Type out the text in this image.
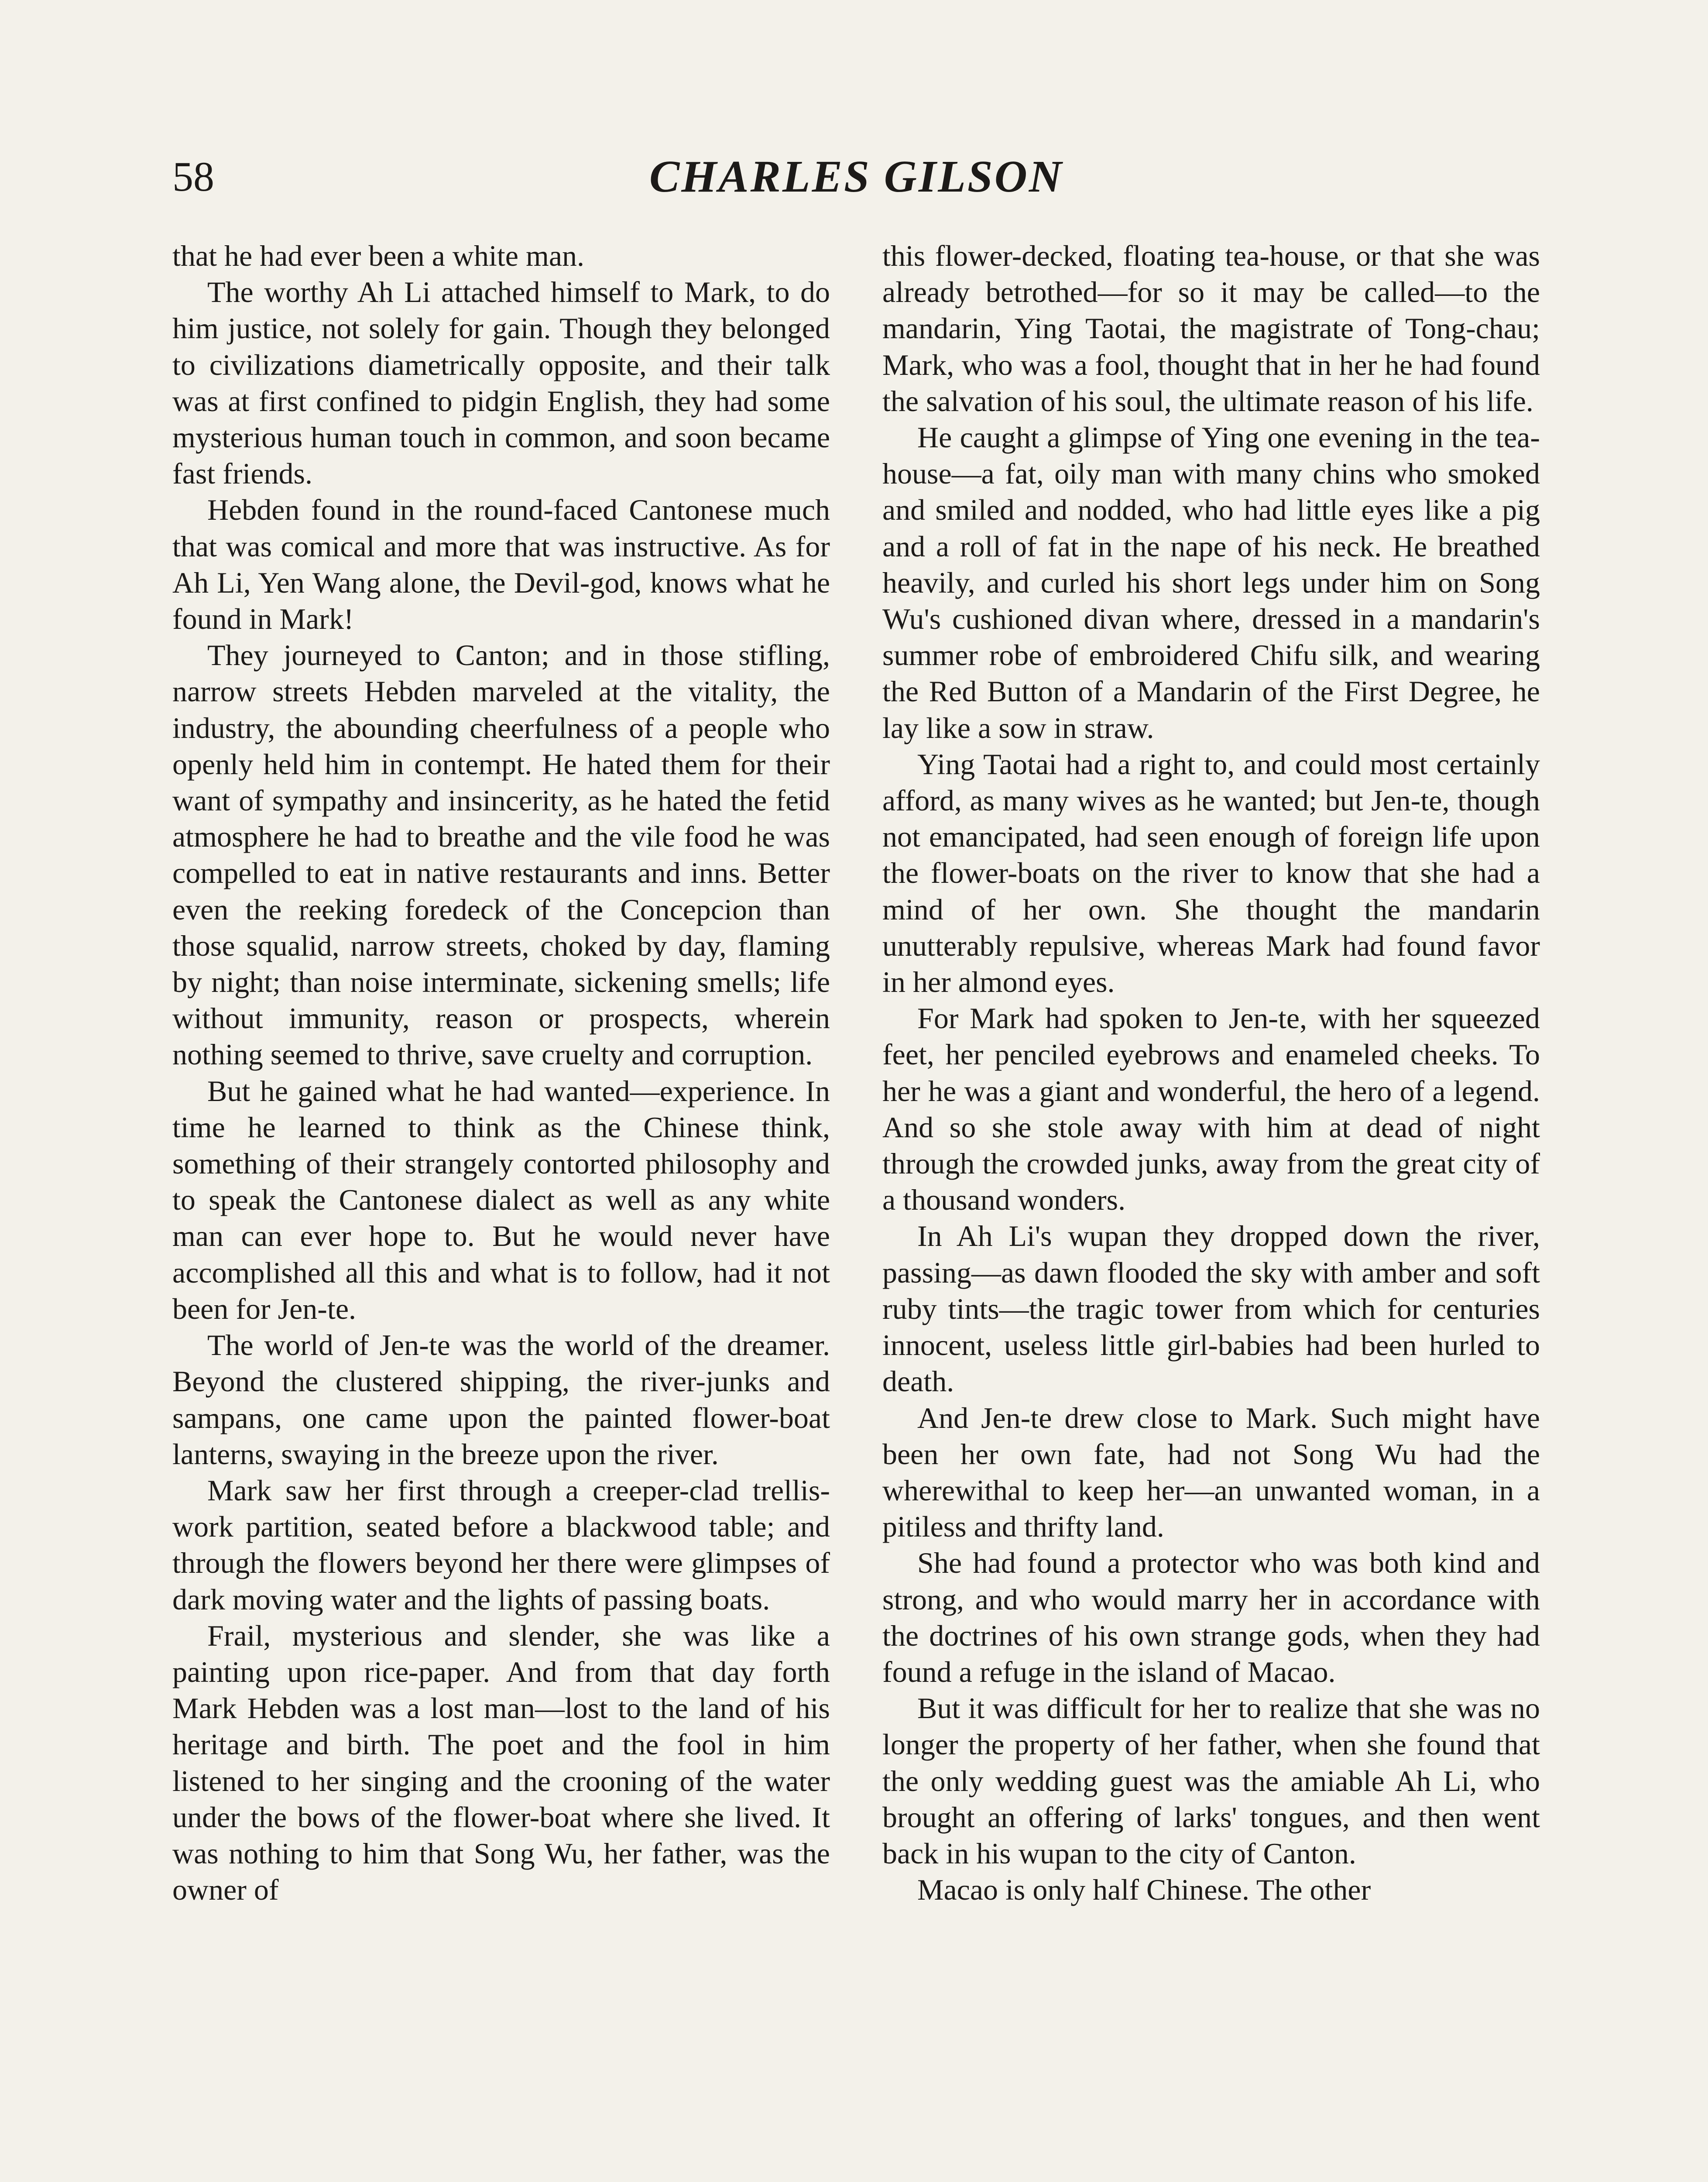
58	CHARLES GILSON

that he had ever been a white man.

The worthy Ah Li attached himself to Mark, to do him justice, not solely for gain. Though they belonged to civilizations diametrically opposite, and their talk was at first confined to pidgin English, they had some mysterious human touch in common, and soon became fast friends.

Hebden found in the round-faced Cantonese much that was comical and more that was instructive. As for Ah Li, Yen Wang alone, the Devil-god, knows what he found in Mark!

They journeyed to Canton; and in those stifling, narrow streets Hebden marveled at the vitality, the industry, the abounding cheerfulness of a people who openly held him in contempt. He hated them for their want of sympathy and insincerity, as he hated the fetid atmosphere he had to breathe and the vile food he was compelled to eat in native restaurants and inns. Better even the reeking foredeck of the Concepcion than those squalid, narrow streets, choked by day, flaming by night; than noise interminate, sickening smells; life without immunity, reason or prospects, wherein nothing seemed to thrive, save cruelty and corruption.

But he gained what he had wanted—experience. In time he learned to think as the Chinese think, something of their strangely contorted philosophy and to speak the Cantonese dialect as well as any white man can ever hope to. But he would never have accomplished all this and what is to follow, had it not been for Jen-te.

The world of Jen-te was the world of the dreamer. Beyond the clustered shipping, the river-junks and sampans, one came upon the painted flower-boat lanterns, swaying in the breeze upon the river.

Mark saw her first through a creeper-clad trellis-work partition, seated before a blackwood table; and through the flowers beyond her there were glimpses of dark moving water and the lights of passing boats.

Frail, mysterious and slender, she was like a painting upon rice-paper. And from that day forth Mark Hebden was a lost man—lost to the land of his heritage and birth. The poet and the fool in him listened to her singing and the crooning of the water under the bows of the flower-boat where she lived. It was nothing to him that Song Wu, her father, was the owner of

this flower-decked, floating tea-house, or that she was already betrothed—for so it may be called—to the mandarin, Ying Taotai, the magistrate of Tong-chau; Mark, who was a fool, thought that in her he had found the salvation of his soul, the ultimate reason of his life.

He caught a glimpse of Ying one evening in the tea-house—a fat, oily man with many chins who smoked and smiled and nodded, who had little eyes like a pig and a roll of fat in the nape of his neck. He breathed heavily, and curled his short legs under him on Song Wu's cushioned divan where, dressed in a mandarin's summer robe of embroidered Chifu silk, and wearing the Red Button of a Mandarin of the First Degree, he lay like a sow in straw.

Ying Taotai had a right to, and could most certainly afford, as many wives as he wanted; but Jen-te, though not emancipated, had seen enough of foreign life upon the flower-boats on the river to know that she had a mind of her own. She thought the mandarin unutterably repulsive, whereas Mark had found favor in her almond eyes.

For Mark had spoken to Jen-te, with her squeezed feet, her penciled eyebrows and enameled cheeks. To her he was a giant and wonderful, the hero of a legend. And so she stole away with him at dead of night through the crowded junks, away from the great city of a thousand wonders.

In Ah Li's wupan they dropped down the river, passing—as dawn flooded the sky with amber and soft ruby tints—the tragic tower from which for centuries innocent, useless little girl-babies had been hurled to death.

And Jen-te drew close to Mark. Such might have been her own fate, had not Song Wu had the wherewithal to keep her—an unwanted woman, in a pitiless and thrifty land.

She had found a protector who was both kind and strong, and who would marry her in accordance with the doctrines of his own strange gods, when they had found a refuge in the island of Macao.

But it was difficult for her to realize that she was no longer the property of her father, when she found that the only wedding guest was the amiable Ah Li, who brought an offering of larks' tongues, and then went back in his wupan to the city of Canton.

Macao is only half Chinese. The other
